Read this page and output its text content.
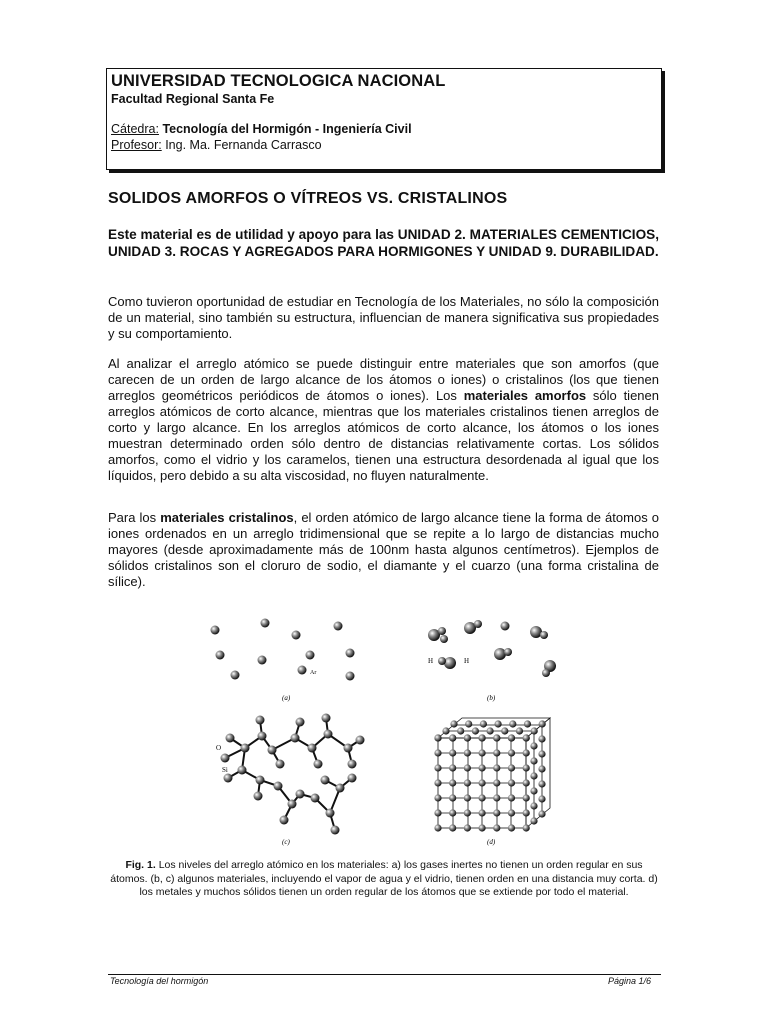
UNIVERSIDAD TECNOLOGICA NACIONAL
Facultad Regional Santa Fe
Cátedra: Tecnología del Hormigón - Ingeniería Civil
Profesor: Ing. Ma. Fernanda Carrasco
SOLIDOS AMORFOS O VÍTREOS VS. CRISTALINOS

Este material es de utilidad y apoyo para las UNIDAD 2. MATERIALES CEMENTICIOS, UNIDAD 3. ROCAS Y AGREGADOS PARA HORMIGONES Y UNIDAD 9. DURABILIDAD.

Como tuvieron oportunidad de estudiar en Tecnología de los Materiales, no sólo la composición de un material, sino también su estructura, influencian de manera significativa sus propiedades y su comportamiento.

Al analizar el arreglo atómico se puede distinguir entre materiales que son amorfos (que carecen de un orden de largo alcance de los átomos o iones) o cristalinos (los que tienen arreglos geométricos periódicos de átomos o iones). Los materiales amorfos sólo tienen arreglos atómicos de corto alcance, mientras que los materiales cristalinos tienen arreglos de corto y largo alcance. En los arreglos atómicos de corto alcance, los átomos o los iones muestran determinado orden sólo dentro de distancias relativamente cortas. Los sólidos amorfos, como el vidrio y los caramelos, tienen una estructura desordenada al igual que los líquidos, pero debido a su alta viscosidad, no fluyen naturalmente.

Para los materiales cristalinos, el orden atómico de largo alcance tiene la forma de átomos o iones ordenados en un arreglo tridimensional que se repite a lo largo de distancias mucho mayores (desde aproximadamente más de 100nm hasta algunos centímetros). Ejemplos de sólidos cristalinos son el cloruro de sodio, el diamante y el cuarzo (una forma cristalina de sílice).

Ar
(a)
H	H
(b)
O
Si
(c)	(d)
Fig. 1. Los niveles del arreglo atómico en los materiales: a) los gases inertes no tienen un orden regular en sus átomos. (b, c) algunos materiales, incluyendo el vapor de agua y el vidrio, tienen orden en una distancia muy corta. d) los metales y muchos sólidos tienen un orden regular de los átomos que se extiende por todo el material.
Tecnología del hormigón	Página 1/6
